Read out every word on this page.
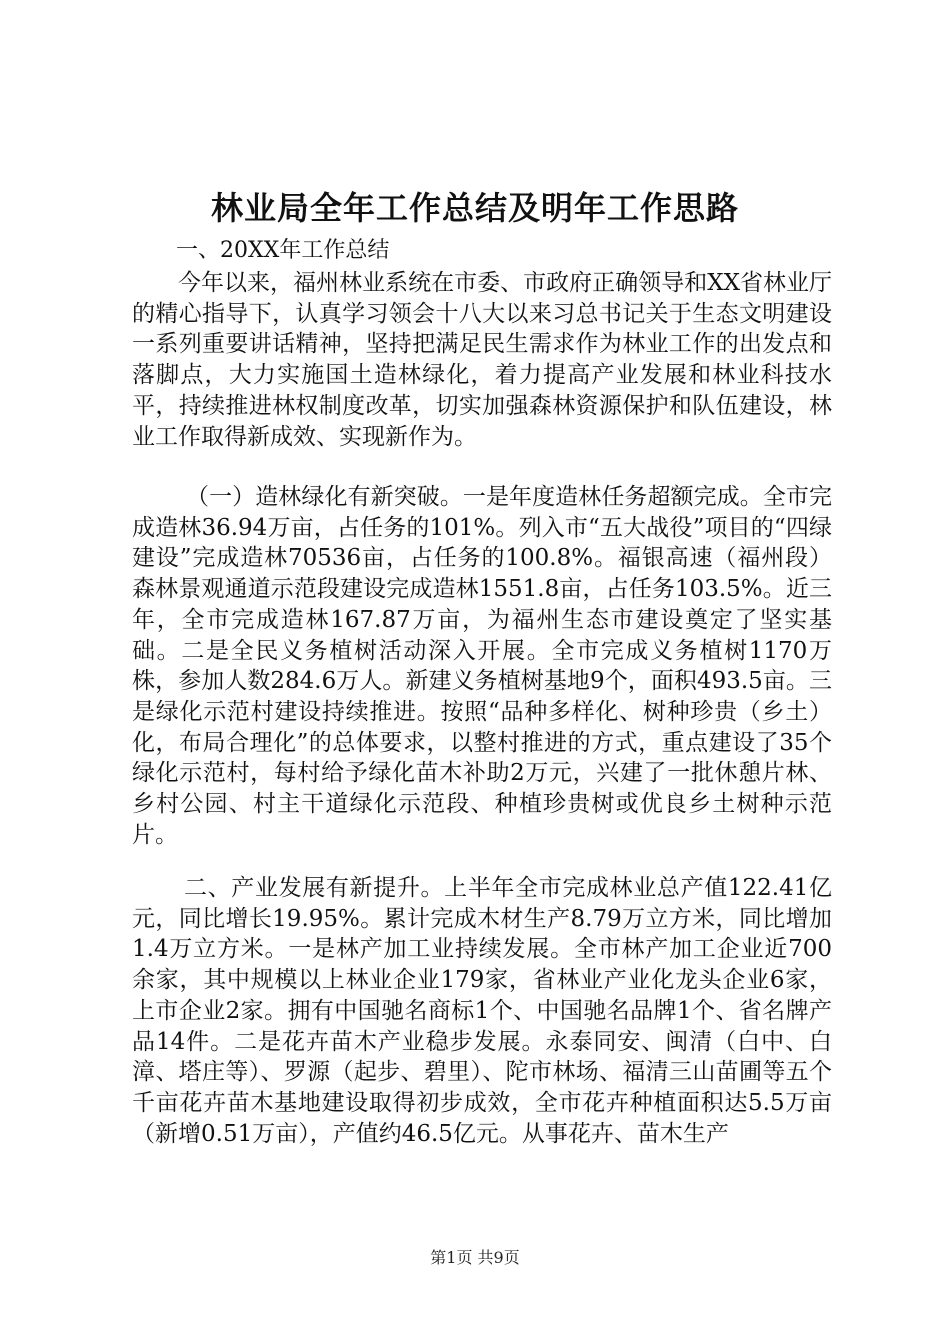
林业局全年工作总结及明年工作思路

一、20XX年工作总结

今年以来，福州林业系统在市委、市政府正确领导和XX省林业厅的精心指导下，认真学习领会十八大以来习总书记关于生态文明建设一系列重要讲话精神，坚持把满足民生需求作为林业工作的出发点和落脚点，大力实施国土造林绿化，着力提高产业发展和林业科技水平，持续推进林权制度改革，切实加强森林资源保护和队伍建设，林业工作取得新成效、实现新作为。

（一）造林绿化有新突破。一是年度造林任务超额完成。全市完成造林36.94万亩，占任务的101%。列入市“五大战役”项目的“四绿建设”完成造林70536亩，占任务的100.8%。福银高速（福州段）森林景观通道示范段建设完成造林1551.8亩，占任务103.5%。近三年，全市完成造林167.87万亩，为福州生态市建设奠定了坚实基础。二是全民义务植树活动深入开展。全市完成义务植树1170万株，参加人数284.6万人。新建义务植树基地9个，面积493.5亩。三是绿化示范村建设持续推进。按照“品种多样化、树种珍贵（乡土）化，布局合理化”的总体要求，以整村推进的方式，重点建设了35个绿化示范村，每村给予绿化苗木补助2万元，兴建了一批休憩片林、乡村公园、村主干道绿化示范段、种植珍贵树或优良乡土树种示范片。

二、产业发展有新提升。上半年全市完成林业总产值122.41亿元，同比增长19.95%。累计完成木材生产8.79万立方米，同比增加1.4万立方米。一是林产加工业持续发展。全市林产加工企业近700余家，其中规模以上林业企业179家，省林业产业化龙头企业6家，上市企业2家。拥有中国驰名商标1个、中国驰名品牌1个、省名牌产品14件。二是花卉苗木产业稳步发展。永泰同安、闽清（白中、白漳、塔庄等）、罗源（起步、碧里）、陀市林场、福清三山苗圃等五个千亩花卉苗木基地建设取得初步成效，全市花卉种植面积达5.5万亩（新增0.51万亩），产值约46.5亿元。从事花卉、苗木生产

第1页 共9页
